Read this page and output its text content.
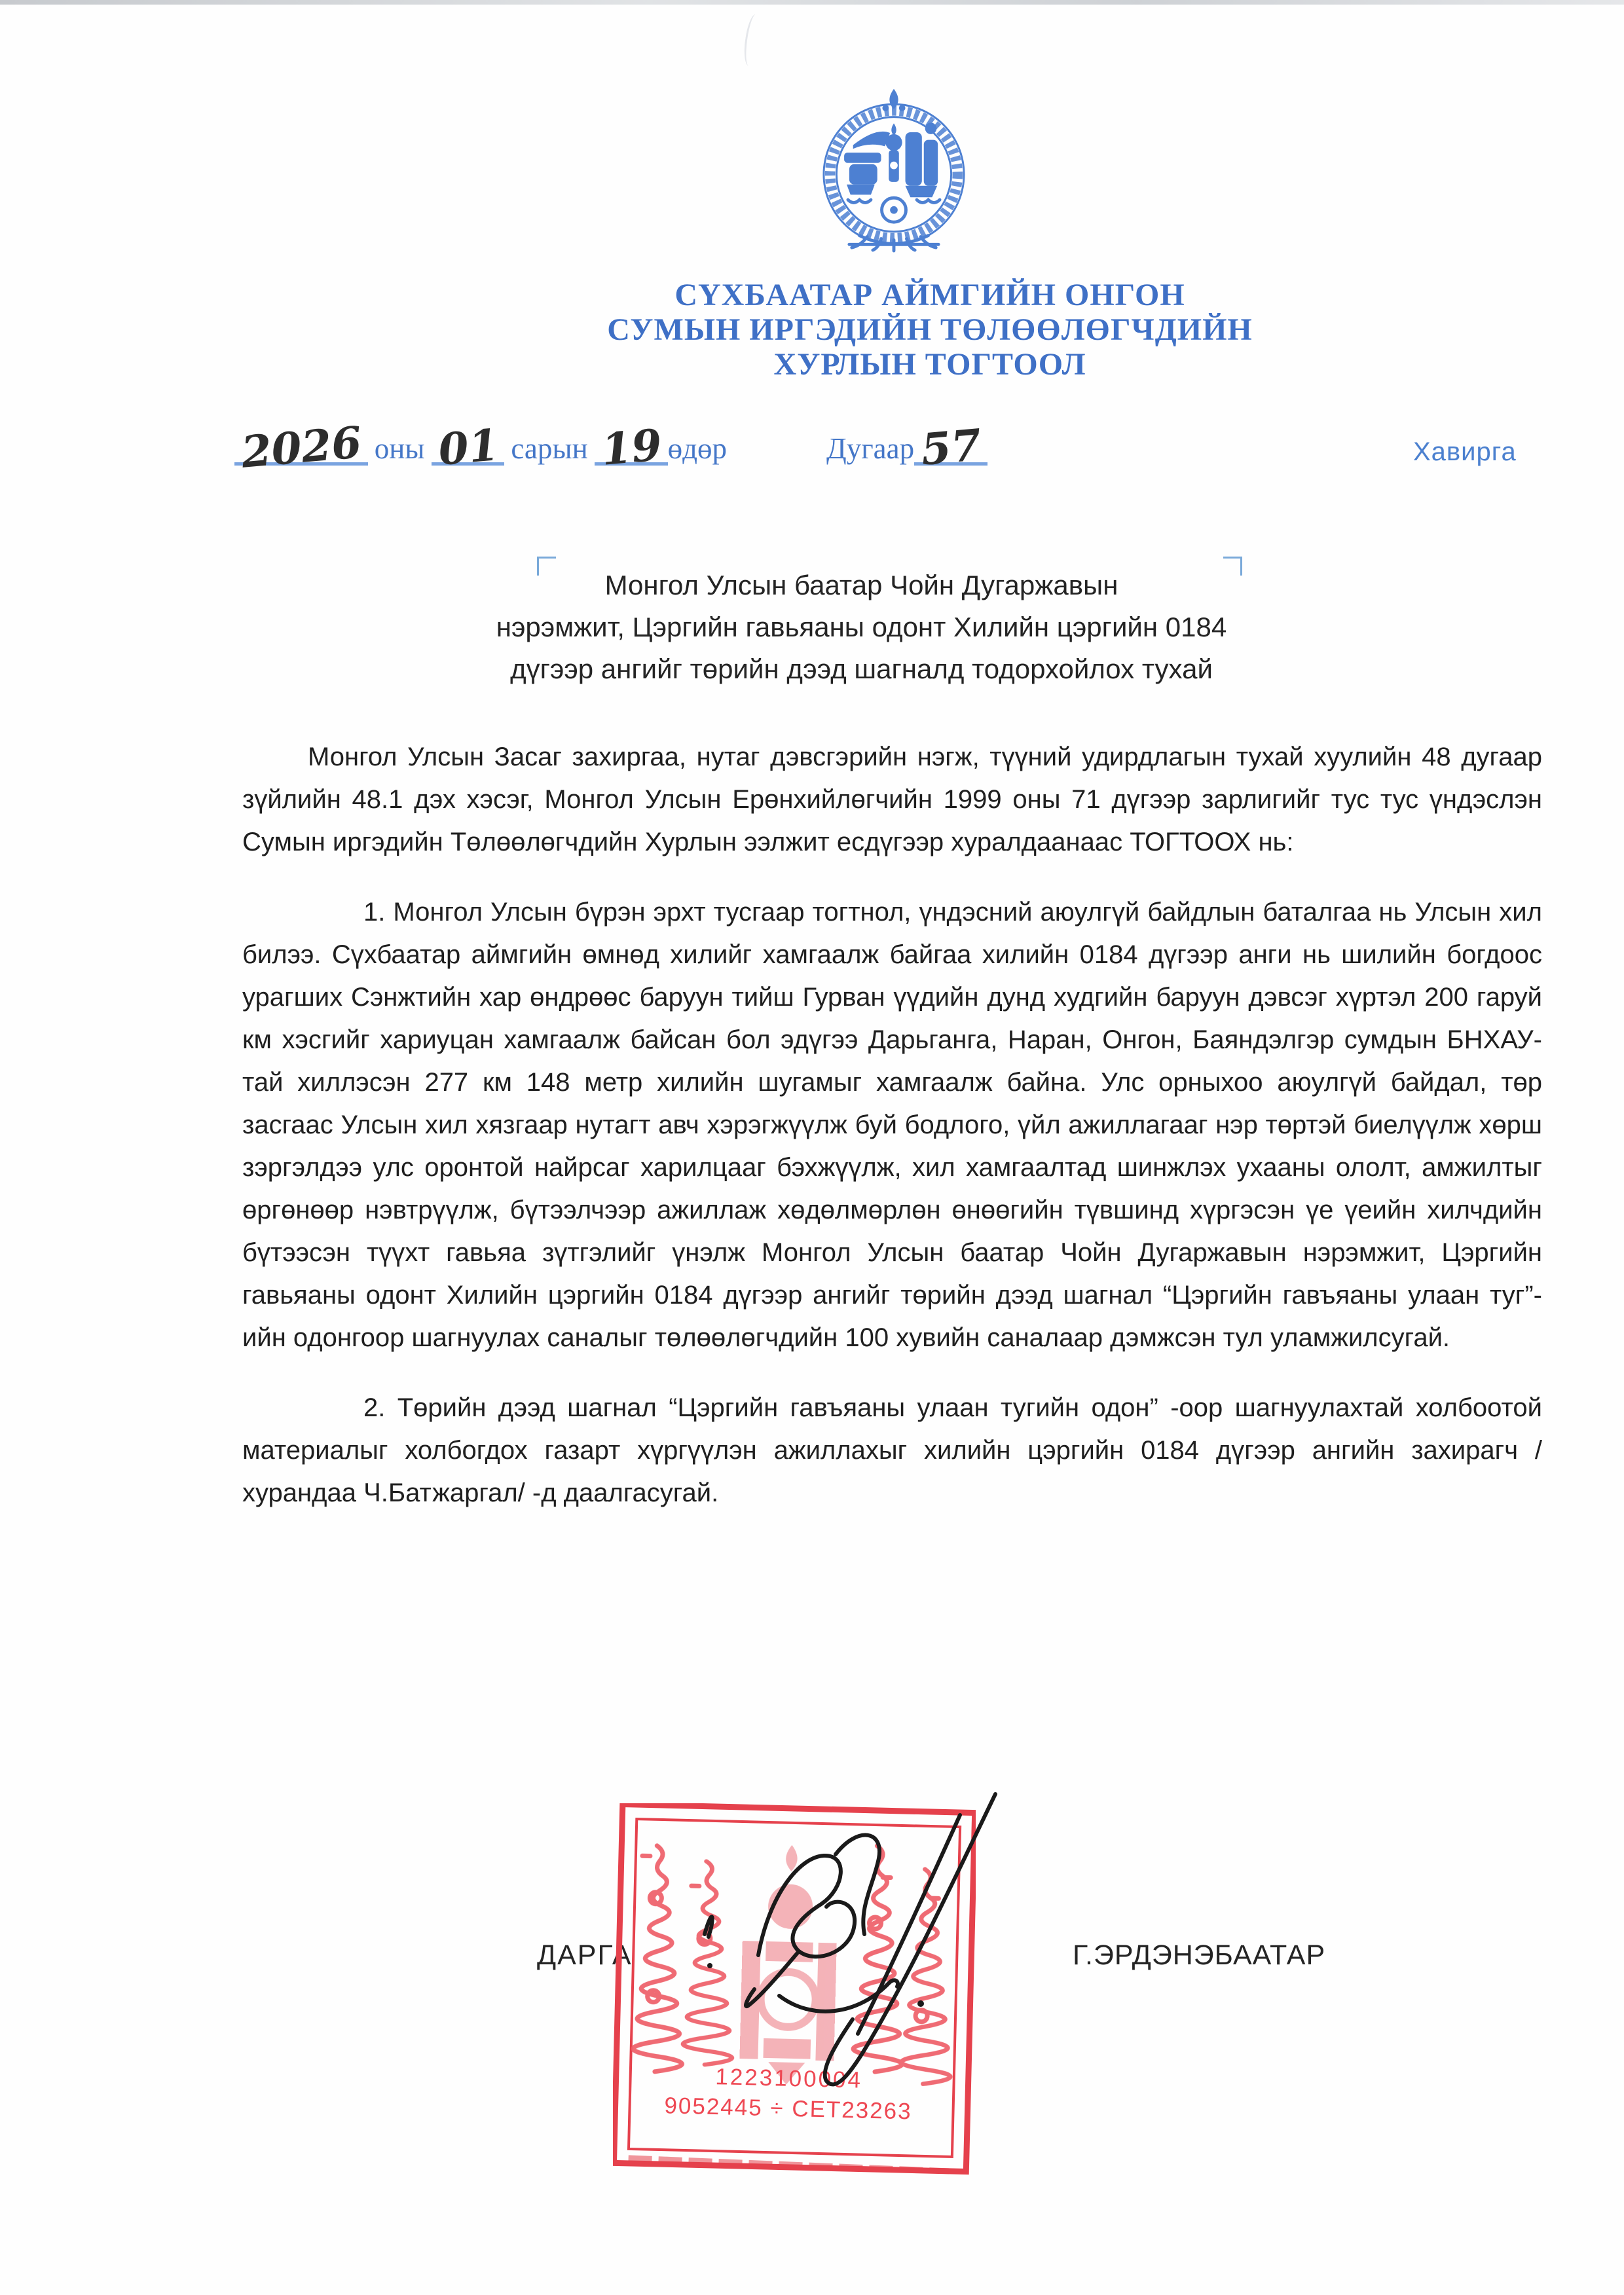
СҮХБААТАР АЙМГИЙН ОНГОН
СУМЫН ИРГЭДИЙН ТӨЛӨӨЛӨГЧДИЙН
ХУРЛЫН ТОГТООЛ
2026 оны 01 сарын 19 өдөр	Дугаар 57	Хавирга
Монгол Улсын баатар Чойн Дугаржавын
нэрэмжит, Цэргийн гавьяаны одонт Хилийн цэргийн 0184
дүгээр ангийг төрийн дээд шагналд тодорхойлох тухай

Монгол Улсын Засаг захиргаа, нутаг дэвсгэрийн нэгж, түүний удирдлагын тухай хуулийн 48 дугаар зүйлийн 48.1 дэх хэсэг, Монгол Улсын Ерөнхийлөгчийн 1999 оны 71 дүгээр зарлигийг тус тус үндэслэн Сумын иргэдийн Төлөөлөгчдийн Хурлын ээлжит есдүгээр хуралдаанаас ТОГТООХ нь:

1. Монгол Улсын бүрэн эрхт тусгаар тогтнол, үндэсний аюулгүй байдлын баталгаа нь Улсын хил билээ. Сүхбаатар аймгийн өмнөд хилийг хамгаалж байгаа хилийн 0184 дүгээр анги нь шилийн богдоос урагших Сэнжтийн хар өндрөөс баруун тийш Гурван үүдийн дунд худгийн баруун дэвсэг хүртэл 200 гаруй км хэсгийг хариуцан хамгаалж байсан бол эдүгээ Дарьганга, Наран, Онгон, Баяндэлгэр сумдын БНХАУ-тай хиллэсэн 277 км 148 метр хилийн шугамыг хамгаалж байна. Улс орныхоо аюулгүй байдал, төр засгаас Улсын хил хязгаар нутагт авч хэрэгжүүлж буй бодлого, үйл ажиллагааг нэр төртэй биелүүлж хөрш зэргэлдээ улс оронтой найрсаг харилцааг бэхжүүлж, хил хамгаалтад шинжлэх ухааны ололт, амжилтыг өргөнөөр нэвтрүүлж, бүтээлчээр ажиллаж хөдөлмөрлөн өнөөгийн түвшинд хүргэсэн үе үеийн хилчдийн бүтээсэн түүхт гавьяа зүтгэлийг үнэлж Монгол Улсын баатар Чойн Дугаржавын нэрэмжит, Цэргийн гавьяаны одонт Хилийн цэргийн 0184 дүгээр ангийг төрийн дээд шагнал “Цэргийн гавъяаны улаан туг”-ийн одонгоор шагнуулах саналыг төлөөлөгчдийн 100 хувийн саналаар дэмжсэн тул уламжилсугай.

2. Төрийн дээд шагнал “Цэргийн гавъяаны улаан тугийн одон” -оор шагнуулахтай холбоотой материалыг холбогдох газарт хүргүүлэн ажиллахыг хилийн цэргийн 0184 дүгээр ангийн захирагч /хурандаа Ч.Батжаргал/ -д даалгасугай.

ДАРГА	Г.ЭРДЭНЭБААТАР
1223100004
9052445 ÷ CET23263
